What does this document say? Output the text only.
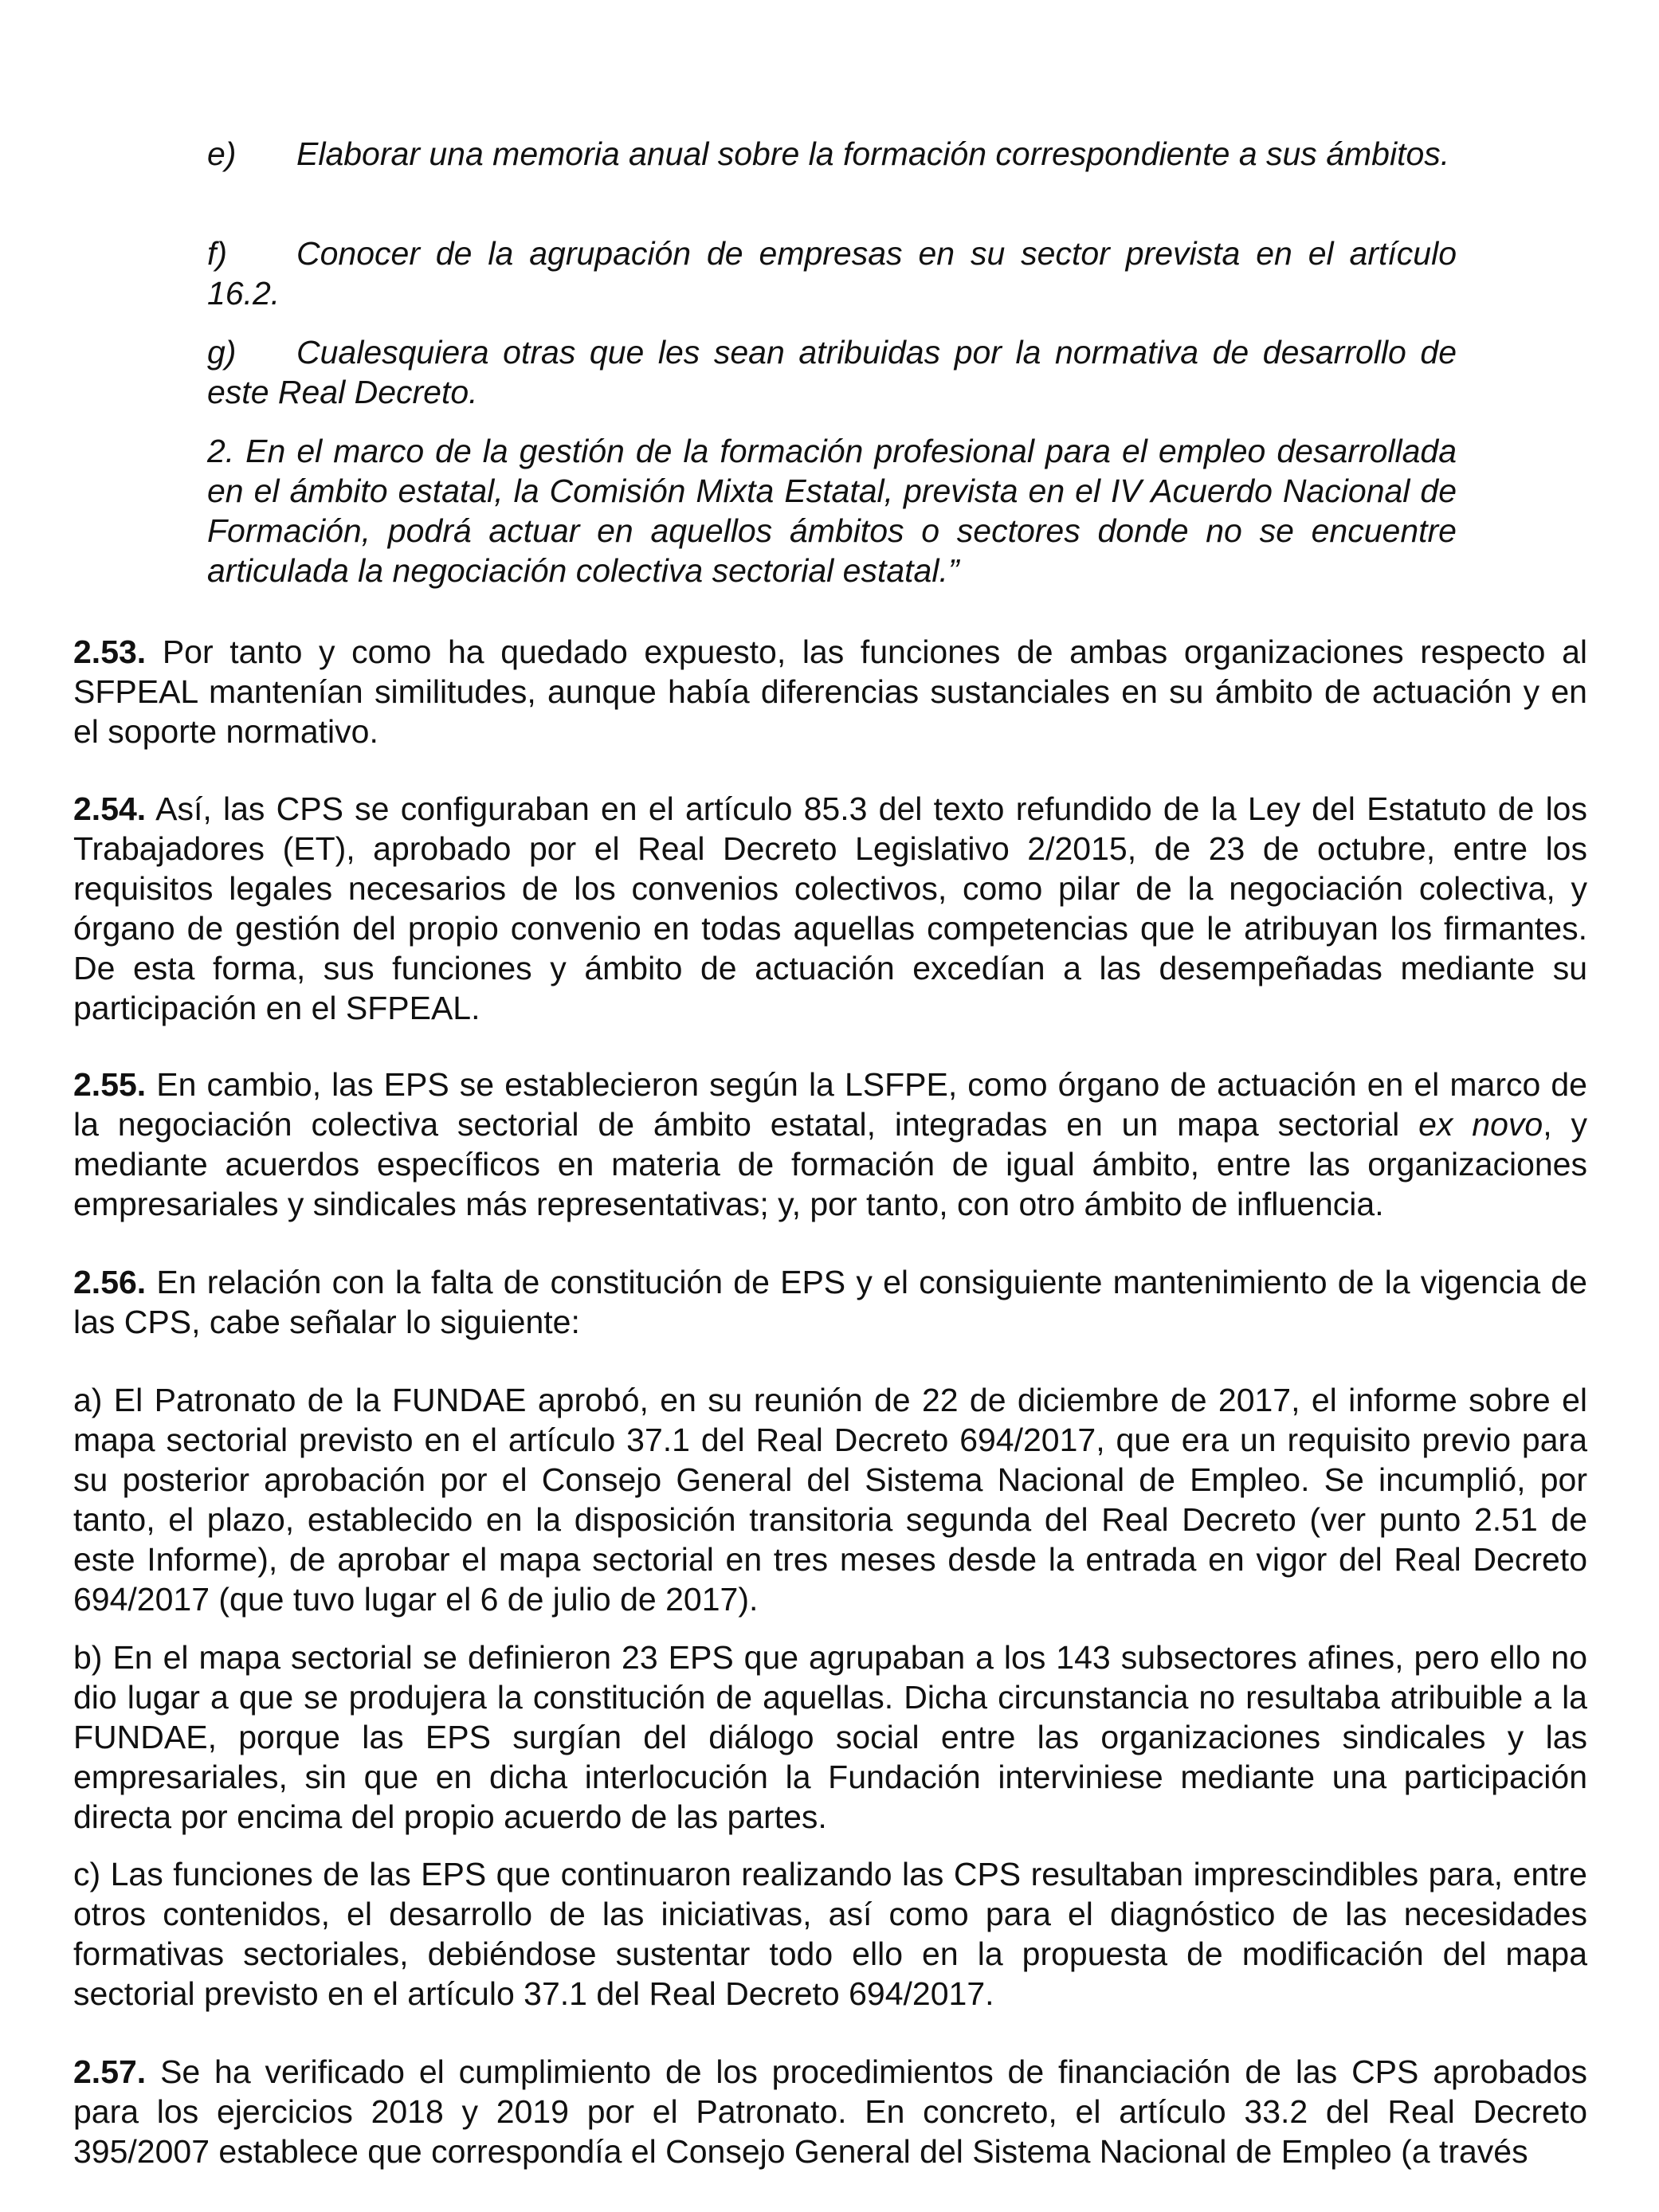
e) Elaborar una memoria anual sobre la formación correspondiente a sus ámbitos.

f) Conocer de la agrupación de empresas en su sector prevista en el artículo 16.2.

g) Cualesquiera otras que les sean atribuidas por la normativa de desarrollo de este Real Decreto.

2. En el marco de la gestión de la formación profesional para el empleo desarrollada en el ámbito estatal, la Comisión Mixta Estatal, prevista en el IV Acuerdo Nacional de Formación, podrá actuar en aquellos ámbitos o sectores donde no se encuentre articulada la negociación colectiva sectorial estatal.”

2.53. Por tanto y como ha quedado expuesto, las funciones de ambas organizaciones respecto al SFPEAL mantenían similitudes, aunque había diferencias sustanciales en su ámbito de actuación y en el soporte normativo.

2.54. Así, las CPS se configuraban en el artículo 85.3 del texto refundido de la Ley del Estatuto de los Trabajadores (ET), aprobado por el Real Decreto Legislativo 2/2015, de 23 de octubre, entre los requisitos legales necesarios de los convenios colectivos, como pilar de la negociación colectiva, y órgano de gestión del propio convenio en todas aquellas competencias que le atribuyan los firmantes. De esta forma, sus funciones y ámbito de actuación excedían a las desempeñadas mediante su participación en el SFPEAL.

2.55. En cambio, las EPS se establecieron según la LSFPE, como órgano de actuación en el marco de la negociación colectiva sectorial de ámbito estatal, integradas en un mapa sectorial ex novo, y mediante acuerdos específicos en materia de formación de igual ámbito, entre las organizaciones empresariales y sindicales más representativas; y, por tanto, con otro ámbito de influencia.

2.56. En relación con la falta de constitución de EPS y el consiguiente mantenimiento de la vigencia de las CPS, cabe señalar lo siguiente:

a) El Patronato de la FUNDAE aprobó, en su reunión de 22 de diciembre de 2017, el informe sobre el mapa sectorial previsto en el artículo 37.1 del Real Decreto 694/2017, que era un requisito previo para su posterior aprobación por el Consejo General del Sistema Nacional de Empleo. Se incumplió, por tanto, el plazo, establecido en la disposición transitoria segunda del Real Decreto (ver punto 2.51 de este Informe), de aprobar el mapa sectorial en tres meses desde la entrada en vigor del Real Decreto 694/2017 (que tuvo lugar el 6 de julio de 2017).

b) En el mapa sectorial se definieron 23 EPS que agrupaban a los 143 subsectores afines, pero ello no dio lugar a que se produjera la constitución de aquellas. Dicha circunstancia no resultaba atribuible a la FUNDAE, porque las EPS surgían del diálogo social entre las organizaciones sindicales y las empresariales, sin que en dicha interlocución la Fundación interviniese mediante una participación directa por encima del propio acuerdo de las partes.

c) Las funciones de las EPS que continuaron realizando las CPS resultaban imprescindibles para, entre otros contenidos, el desarrollo de las iniciativas, así como para el diagnóstico de las necesidades formativas sectoriales, debiéndose sustentar todo ello en la propuesta de modificación del mapa sectorial previsto en el artículo 37.1 del Real Decreto 694/2017.

2.57. Se ha verificado el cumplimiento de los procedimientos de financiación de las CPS aprobados para los ejercicios 2018 y 2019 por el Patronato. En concreto, el artículo 33.2 del Real Decreto 395/2007 establece que correspondía el Consejo General del Sistema Nacional de Empleo (a través
